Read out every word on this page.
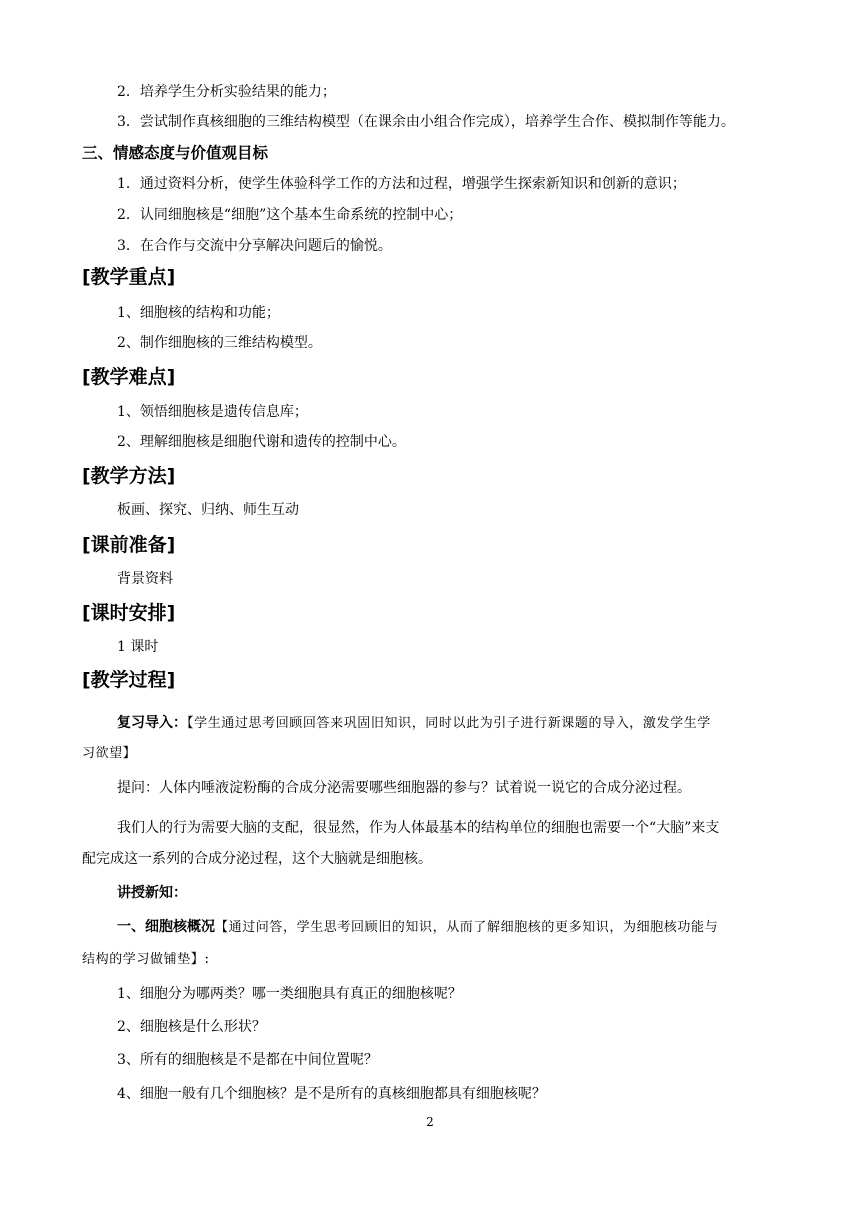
2．培养学生分析实验结果的能力；
3．尝试制作真核细胞的三维结构模型（在课余由小组合作完成），培养学生合作、模拟制作等能力。
三、情感态度与价值观目标
1．通过资料分析，使学生体验科学工作的方法和过程，增强学生探索新知识和创新的意识；
2．认同细胞核是“细胞”这个基本生命系统的控制中心；
3．在合作与交流中分享解决问题后的愉悦。
[教学重点]
1、细胞核的结构和功能；
2、制作细胞核的三维结构模型。
[教学难点]
1、领悟细胞核是遗传信息库；
2、理解细胞核是细胞代谢和遗传的控制中心。
[教学方法]
板画、探究、归纳、师生互动
[课前准备]
背景资料
[课时安排]
1 课时
[教学过程]
复习导入：【学生通过思考回顾回答来巩固旧知识，同时以此为引子进行新课题的导入，激发学生学
习欲望】
提问：人体内唾液淀粉酶的合成分泌需要哪些细胞器的参与？试着说一说它的合成分泌过程。
我们人的行为需要大脑的支配，很显然，作为人体最基本的结构单位的细胞也需要一个“大脑”来支
配完成这一系列的合成分泌过程，这个大脑就是细胞核。
讲授新知：
一、细胞核概况【通过问答，学生思考回顾旧的知识，从而了解细胞核的更多知识，为细胞核功能与
结构的学习做铺垫】:
1、细胞分为哪两类？哪一类细胞具有真正的细胞核呢？
2、细胞核是什么形状？
3、所有的细胞核是不是都在中间位置呢？
4、细胞一般有几个细胞核？是不是所有的真核细胞都具有细胞核呢？
2
